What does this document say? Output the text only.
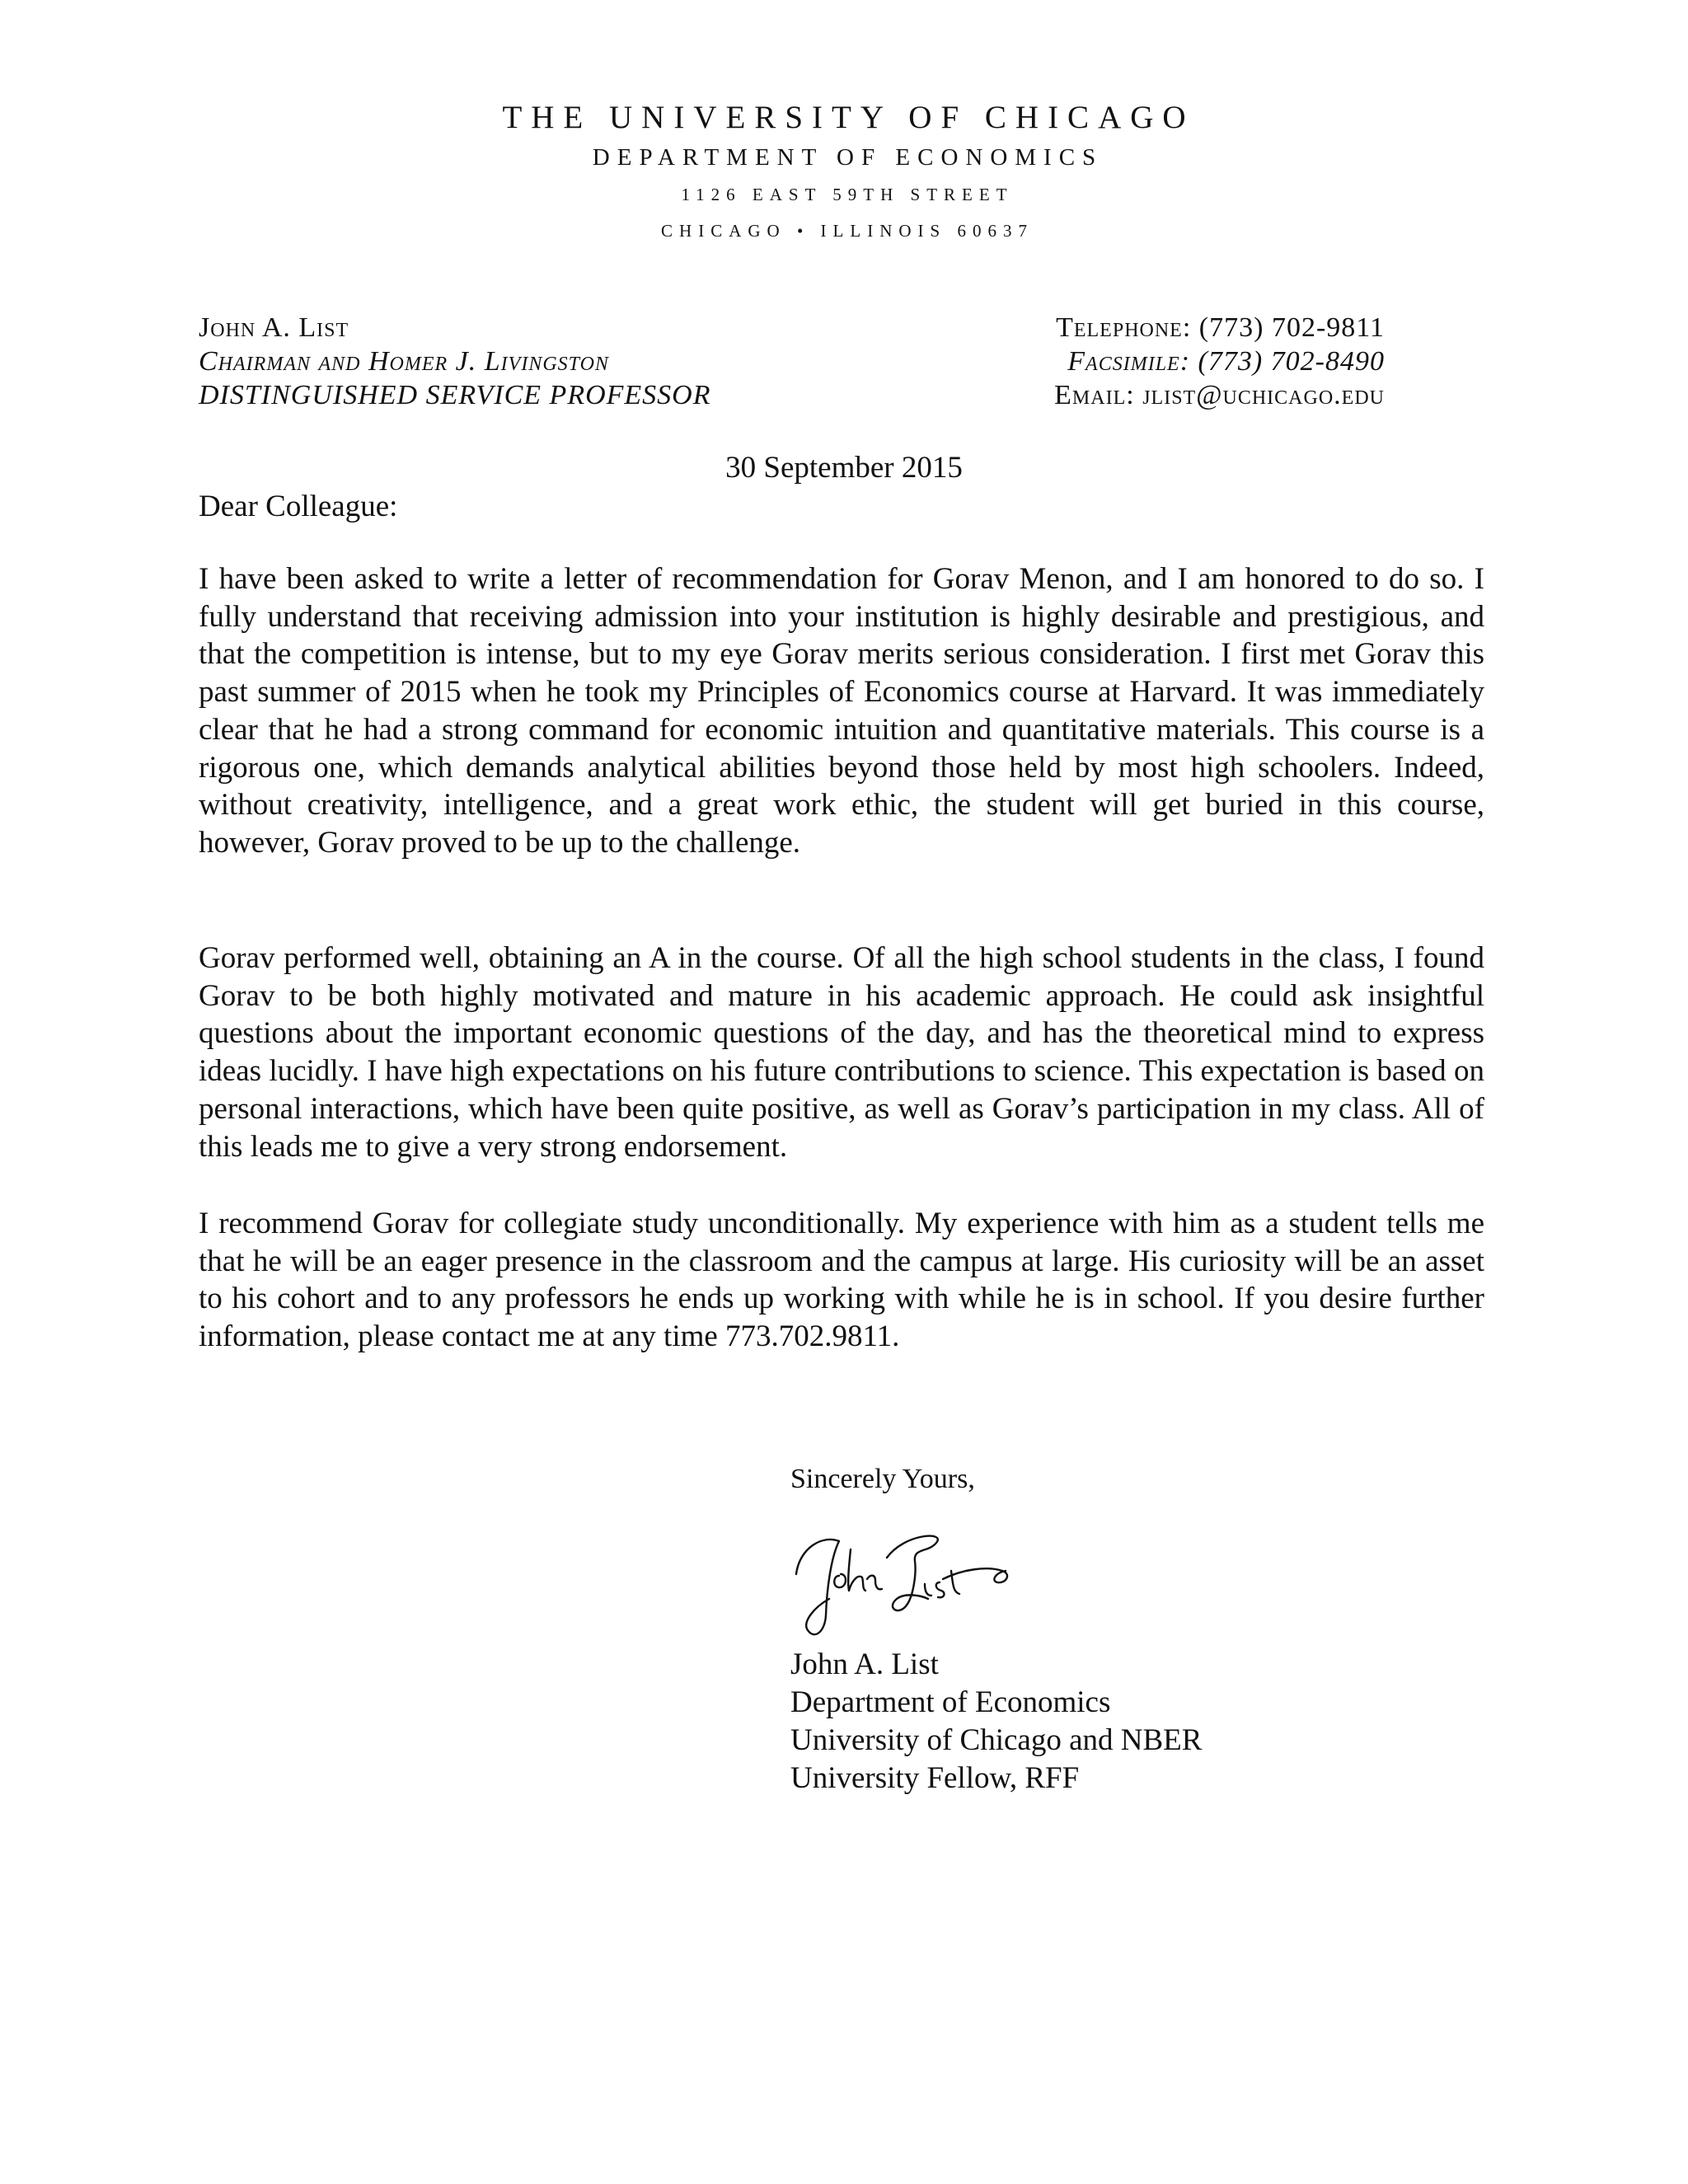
THE UNIVERSITY OF CHICAGO
DEPARTMENT OF ECONOMICS
1126 EAST 59TH STREET
CHICAGO • ILLINOIS 60637
John A. List
Chairman and Homer J. Livingston
DISTINGUISHED SERVICE PROFESSOR
Telephone: (773) 702-9811
Facsimile: (773) 702-8490
Email: jlist@uchicago.edu
30 September 2015
Dear Colleague:
I have been asked to write a letter of recommendation for Gorav Menon, and I am honored to do so. I fully understand that receiving admission into your institution is highly desirable and prestigious, and that the competition is intense, but to my eye Gorav merits serious consideration. I first met Gorav this past summer of 2015 when he took my Principles of Economics course at Harvard. It was immediately clear that he had a strong command for economic intuition and quantitative materials. This course is a rigorous one, which demands analytical abilities beyond those held by most high schoolers. Indeed, without creativity, intelligence, and a great work ethic, the student will get buried in this course, however, Gorav proved to be up to the challenge.
Gorav performed well, obtaining an A in the course. Of all the high school students in the class, I found Gorav to be both highly motivated and mature in his academic approach. He could ask insightful questions about the important economic questions of the day, and has the theoretical mind to express ideas lucidly. I have high expectations on his future contributions to science. This expectation is based on personal interactions, which have been quite positive, as well as Gorav’s participation in my class. All of this leads me to give a very strong endorsement.
I recommend Gorav for collegiate study unconditionally. My experience with him as a student tells me that he will be an eager presence in the classroom and the campus at large. His curiosity will be an asset to his cohort and to any professors he ends up working with while he is in school. If you desire further information, please contact me at any time 773.702.9811.
Sincerely Yours,
John A. List
Department of Economics
University of Chicago and NBER
University Fellow, RFF
